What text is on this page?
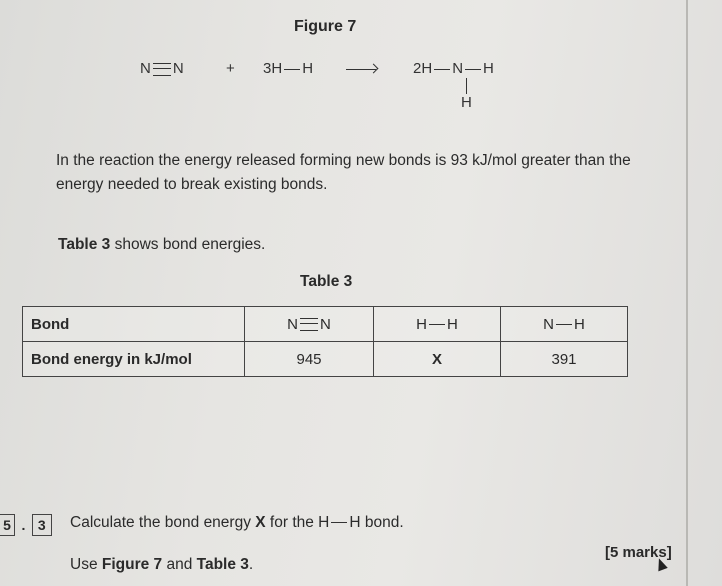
Figure 7
N N	+ 3H H	2H N H
H
In the reaction the energy released forming new bonds is 93 kJ/mol greater than the
energy needed to break existing bonds.
Table 3 shows bond energies.
Table 3
Bond	N N	H H	N H
Bond energy in kJ/mol	945	X	391
5 . 3	Calculate the bond energy X for the H H bond.
Use Figure 7 and Table 3.
[5 marks]
